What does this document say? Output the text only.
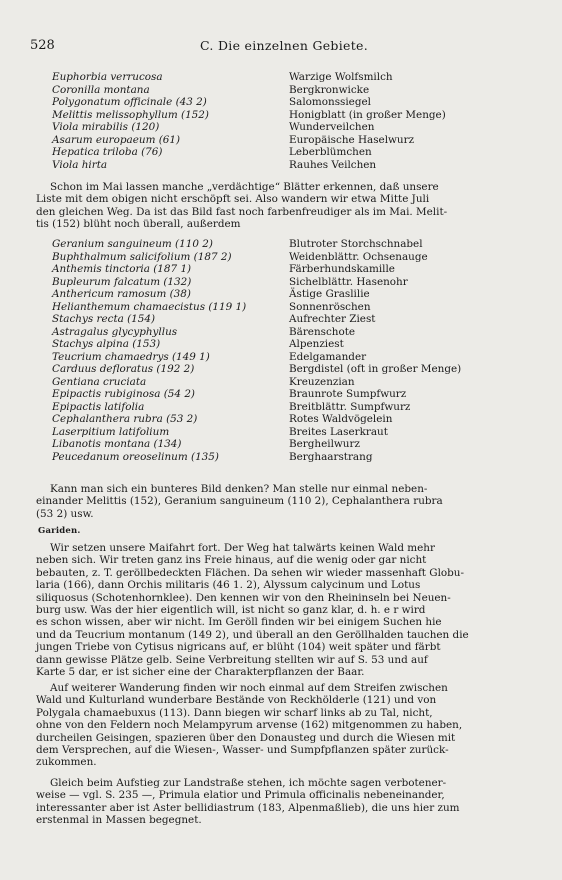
528	C. Die einzelnen Gebiete.
Euphorbia verrucosa	Warzige Wolfsmilch
Coronilla montana	Bergkronwicke
Polygonatum officinale (43 2)	Salomonssiegel
Melittis melissophyllum (152)	Honigblatt (in großer Menge)
Viola mirabilis (120)	Wunderveilchen
Asarum europaeum (61)	Europäische Haselwurz
Hepatica triloba (76)	Leberblümchen
Viola hirta	Rauhes Veilchen
Schon im Mai lassen manche „verdächtige“ Blätter erkennen, daß unsere
Liste mit dem obigen nicht erschöpft sei. Also wandern wir etwa Mitte Juli
den gleichen Weg. Da ist das Bild fast noch farbenfreudiger als im Mai. Melit-
tis (152) blüht noch überall, außerdem
Geranium sanguineum (110 2)	Blutroter Storchschnabel
Buphthalmum salicifolium (187 2)	Weidenblättr. Ochsenauge
Anthemis tinctoria (187 1)	Färberhundskamille
Bupleurum falcatum (132)	Sichelblättr. Hasenohr
Anthericum ramosum (38)	Ästige Graslilie
Helianthemum chamaecistus (119 1)	Sonnenröschen
Stachys recta (154)	Aufrechter Ziest
Astragalus glycyphyllus	Bärenschote
Stachys alpina (153)	Alpenziest
Teucrium chamaedrys (149 1)	Edelgamander
Carduus defloratus (192 2)	Bergdistel (oft in großer Menge)
Gentiana cruciata	Kreuzenzian
Epipactis rubiginosa (54 2)	Braunrote Sumpfwurz
Epipactis latifolia	Breitblättr. Sumpfwurz
Cephalanthera rubra (53 2)	Rotes Waldvögelein
Laserpitium latifolium	Breites Laserkraut
Libanotis montana (134)	Bergheilwurz
Peucedanum oreoselinum (135)	Berghaarstrang
Kann man sich ein bunteres Bild denken? Man stelle nur einmal neben-
einander Melittis (152), Geranium sanguineum (110 2), Cephalanthera rubra
(53 2) usw.
Gariden.
Wir setzen unsere Maifahrt fort. Der Weg hat talwärts keinen Wald mehr
neben sich. Wir treten ganz ins Freie hinaus, auf die wenig oder gar nicht
bebauten, z. T. geröllbedeckten Flächen. Da sehen wir wieder massenhaft Globu-
laria (166), dann Orchis militaris (46 1. 2), Alyssum calycinum und Lotus
siliquosus (Schotenhornklee). Den kennen wir von den Rheininseln bei Neuen-
burg usw. Was der hier eigentlich will, ist nicht so ganz klar, d. h. e r wird
es schon wissen, aber wir nicht. Im Geröll finden wir bei einigem Suchen hie
und da Teucrium montanum (149 2), und überall an den Geröllhalden tauchen die
jungen Triebe von Cytisus nigricans auf, er blüht (104) weit später und färbt
dann gewisse Plätze gelb. Seine Verbreitung stellten wir auf S. 53 und auf
Karte 5 dar, er ist sicher eine der Charakterpflanzen der Baar.
Auf weiterer Wanderung finden wir noch einmal auf dem Streifen zwischen
Wald und Kulturland wunderbare Bestände von Reckhölderle (121) und von
Polygala chamaebuxus (113). Dann biegen wir scharf links ab zu Tal, nicht,
ohne von den Feldern noch Melampyrum arvense (162) mitgenommen zu haben,
durcheilen Geisingen, spazieren über den Donausteg und durch die Wiesen mit
dem Versprechen, auf die Wiesen-, Wasser- und Sumpfpflanzen später zurück-
zukommen.
Gleich beim Aufstieg zur Landstraße stehen, ich möchte sagen verbotener-
weise — vgl. S. 235 —, Primula elatior und Primula officinalis nebeneinander,
interessanter aber ist Aster bellidiastrum (183, Alpenmaßlieb), die uns hier zum
erstenmal in Massen begegnet.
